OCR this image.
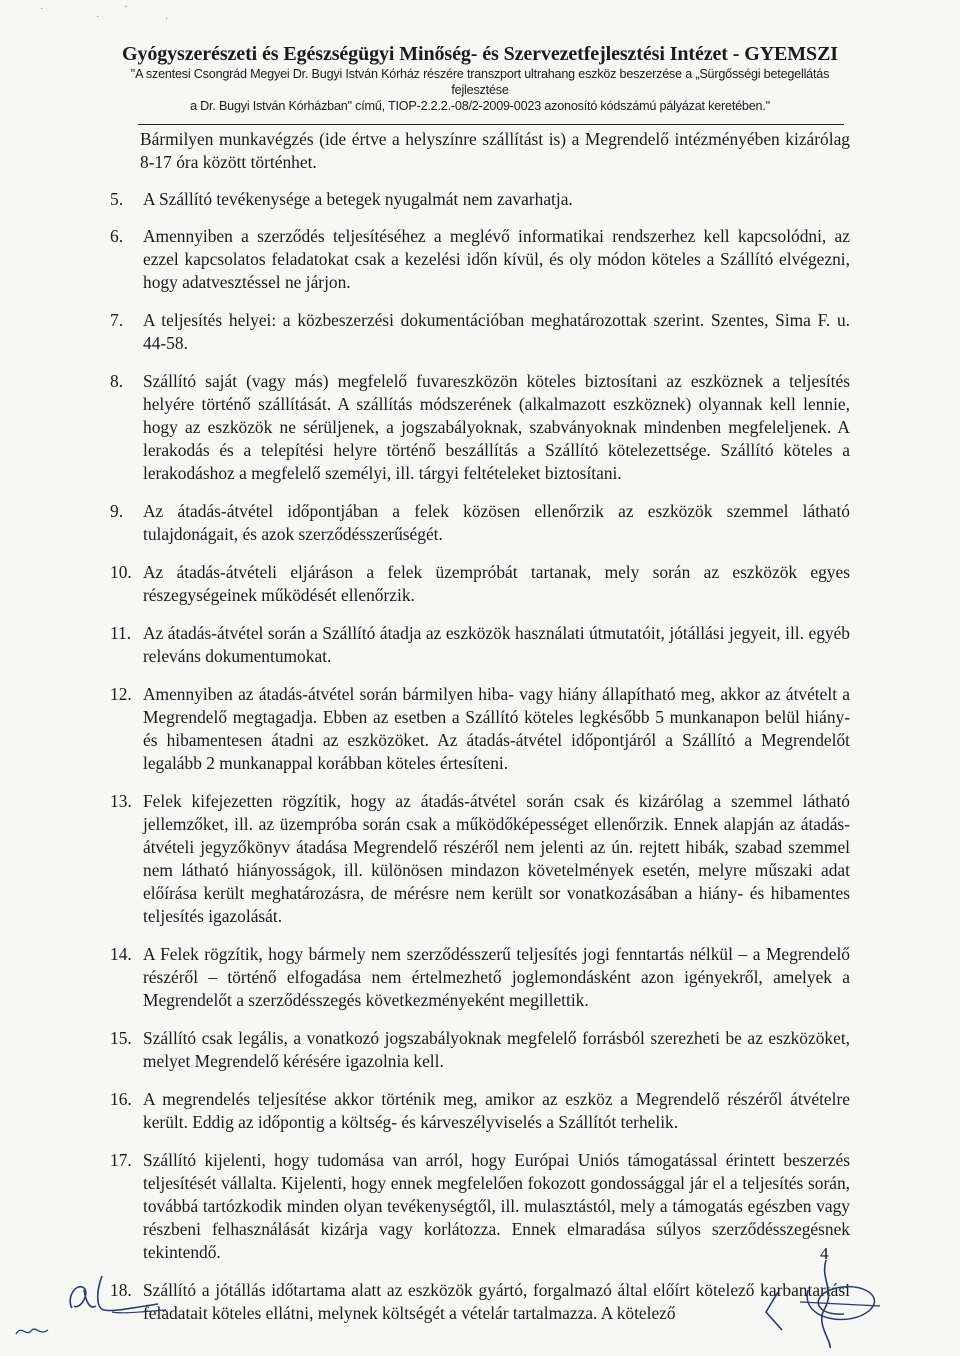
·
·
·
·
Gyógyszerészeti és Egészségügyi Minőség- és Szervezetfejlesztési Intézet - GYEMSZI
"A szentesi Csongrád Megyei Dr. Bugyi István Kórház részére transzport ultrahang eszköz beszerzése a „Sürgősségi betegellátás fejlesztése
a Dr. Bugyi István Kórházban" című, TIOP-2.2.2.-08/2-2009-0023 azonosító kódszámú pályázat keretében."
Bármilyen munkavégzés (ide értve a helyszínre szállítást is) a Megrendelő intézményében kizárólag 8-17 óra között történhet.
5.	A Szállító tevékenysége a betegek nyugalmát nem zavarhatja.
6.	Amennyiben a szerződés teljesítéséhez a meglévő informatikai rendszerhez kell kapcsolódni, az ezzel kapcsolatos feladatokat csak a kezelési időn kívül, és oly módon köteles a Szállító elvégezni, hogy adatvesztéssel ne járjon.
7.	A teljesítés helyei: a közbeszerzési dokumentációban meghatározottak szerint. Szentes, Sima F. u. 44-58.
8.	Szállító saját (vagy más) megfelelő fuvareszközön köteles biztosítani az eszköznek a teljesítés helyére történő szállítását. A szállítás módszerének (alkalmazott eszköznek) olyannak kell lennie, hogy az eszközök ne sérüljenek, a jogszabályoknak, szabványoknak mindenben megfeleljenek. A lerakodás és a telepítési helyre történő beszállítás a Szállító kötelezettsége. Szállító köteles a lerakodáshoz a megfelelő személyi, ill. tárgyi feltételeket biztosítani.
9.	Az átadás-átvétel időpontjában a felek közösen ellenőrzik az eszközök szemmel látható tulajdonágait, és azok szerződésszerűségét.
10. Az átadás-átvételi eljáráson a felek üzempróbát tartanak, mely során az eszközök egyes részegységeinek működését ellenőrzik.
11. Az átadás-átvétel során a Szállító átadja az eszközök használati útmutatóit, jótállási jegyeit, ill. egyéb releváns dokumentumokat.
12. Amennyiben az átadás-átvétel során bármilyen hiba- vagy hiány állapítható meg, akkor az átvételt a Megrendelő megtagadja. Ebben az esetben a Szállító köteles legkésőbb 5 munkanapon belül hiány- és hibamentesen átadni az eszközöket. Az átadás-átvétel időpontjáról a Szállító a Megrendelőt legalább 2 munkanappal korábban köteles értesíteni.
13. Felek kifejezetten rögzítik, hogy az átadás-átvétel során csak és kizárólag a szemmel látható jellemzőket, ill. az üzempróba során csak a működőképességet ellenőrzik. Ennek alapján az átadás-átvételi jegyzőkönyv átadása Megrendelő részéről nem jelenti az ún. rejtett hibák, szabad szemmel nem látható hiányosságok, ill. különösen mindazon követelmények esetén, melyre műszaki adat előírása került meghatározásra, de mérésre nem került sor vonatkozásában a hiány- és hibamentes teljesítés igazolását.
14. A Felek rögzítik, hogy bármely nem szerződésszerű teljesítés jogi fenntartás nélkül – a Megrendelő részéről – történő elfogadása nem értelmezhető joglemondásként azon igényekről, amelyek a Megrendelőt a szerződésszegés következményeként megillettik.
15. Szállító csak legális, a vonatkozó jogszabályoknak megfelelő forrásból szerezheti be az eszközöket, melyet Megrendelő kérésére igazolnia kell.
16. A megrendelés teljesítése akkor történik meg, amikor az eszköz a Megrendelő részéről átvételre került. Eddig az időpontig a költség- és kárveszélyviselés a Szállítót terhelik.
17. Szállító kijelenti, hogy tudomása van arról, hogy Európai Uniós támogatással érintett beszerzés teljesítését vállalta. Kijelenti, hogy ennek megfelelően fokozott gondossággal jár el a teljesítés során, továbbá tartózkodik minden olyan tevékenységtől, ill. mulasztástól, mely a támogatás egészben vagy részbeni felhasználását kizárja vagy korlátozza. Ennek elmaradása súlyos szerződésszegésnek tekintendő.
18. Szállító a jótállás időtartama alatt az eszközök gyártó, forgalmazó által előírt kötelező karbantartási feladatait köteles ellátni, melynek költségét a vételár tartalmazza. A kötelező
4
